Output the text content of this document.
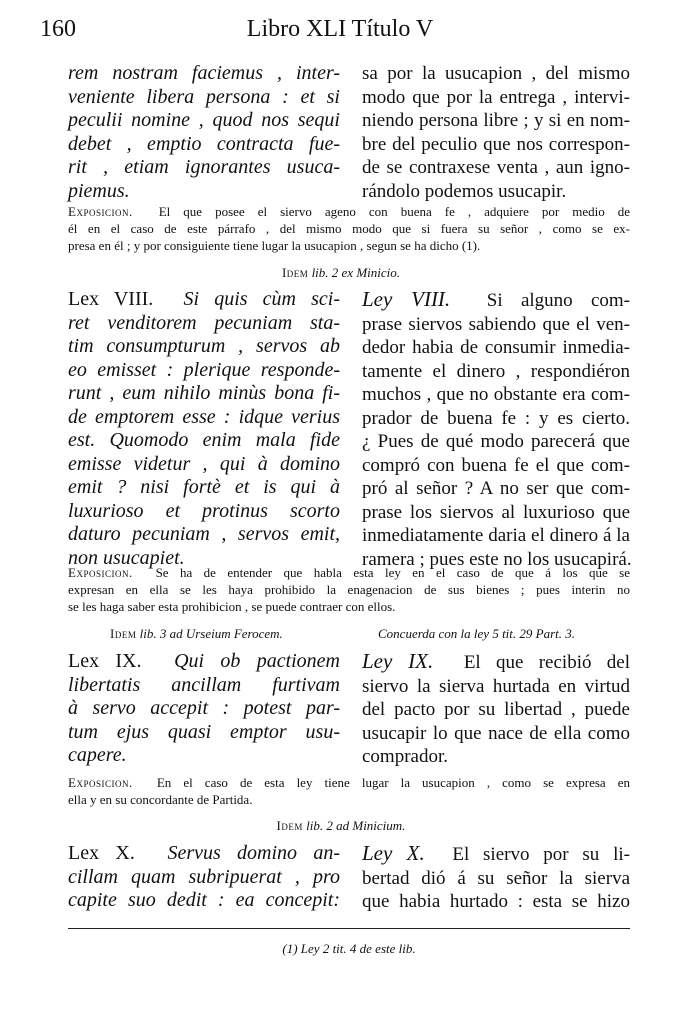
160	Libro XLI Título V
rem nostram faciemus , inter-
veniente libera persona : et si
peculii nomine , quod nos sequi
debet , emptio contracta fue-
rit , etiam ignorantes usuca-
piemus.
sa por la usucapion , del mismo
modo que por la entrega , intervi-
niendo persona libre ; y si en nom-
bre del peculio que nos correspon-
de se contraxese venta , aun igno-
rándolo podemos usucapir.
Exposicion. El que posee el siervo ageno con buena fe , adquiere por medio de
él en el caso de este párrafo , del mismo modo que si fuera su señor , como se ex-
presa en él ; y por consiguiente tiene lugar la usucapion , segun se ha dicho (1).
Idem lib. 2 ex Minicio.
Lex VIII. Si quis cùm sci-
ret venditorem pecuniam sta-
tim consumpturum , servos ab
eo emisset : plerique responde-
runt , eum nihilo minùs bona fi-
de emptorem esse : idque verius
est. Quomodo enim mala fide
emisse videtur , qui à domino
emit ? nisi fortè et is qui à
luxurioso et protinus scorto
daturo pecuniam , servos emit,
non usucapiet.
Ley VIII. Si alguno com-
prase siervos sabiendo que el ven-
dedor habia de consumir inmedia-
tamente el dinero , respondiéron
muchos , que no obstante era com-
prador de buena fe : y es cierto.
¿ Pues de qué modo parecerá que
compró con buena fe el que com-
pró al señor ? A no ser que com-
prase los siervos al luxurioso que
inmediatamente daria el dinero á la
ramera ; pues este no los usucapirá.
Exposicion. Se ha de entender que habla esta ley en el caso de que á los que se
expresan en ella se les haya prohibido la enagenacion de sus bienes ; pues interin no
se les haga saber esta prohibicion , se puede contraer con ellos.
Idem lib. 3 ad Urseium Ferocem.	Concuerda con la ley 5 tit. 29 Part. 3.
Lex IX. Qui ob pactionem
libertatis ancillam furtivam
à servo accepit : potest par-
tum ejus quasi emptor usu-
capere.
Ley IX. El que recibió del
siervo la sierva hurtada en virtud
del pacto por su libertad , puede
usucapir lo que nace de ella como
comprador.
Exposicion. En el caso de esta ley tiene lugar la usucapion , como se expresa en
ella y en su concordante de Partida.
Idem lib. 2 ad Minicium.
Lex X. Servus domino an-
cillam quam subripuerat , pro
capite suo dedit : ea concepit:
Ley X. El siervo por su li-
bertad dió á su señor la sierva
que habia hurtado : esta se hizo
(1) Ley 2 tit. 4 de este lib.
